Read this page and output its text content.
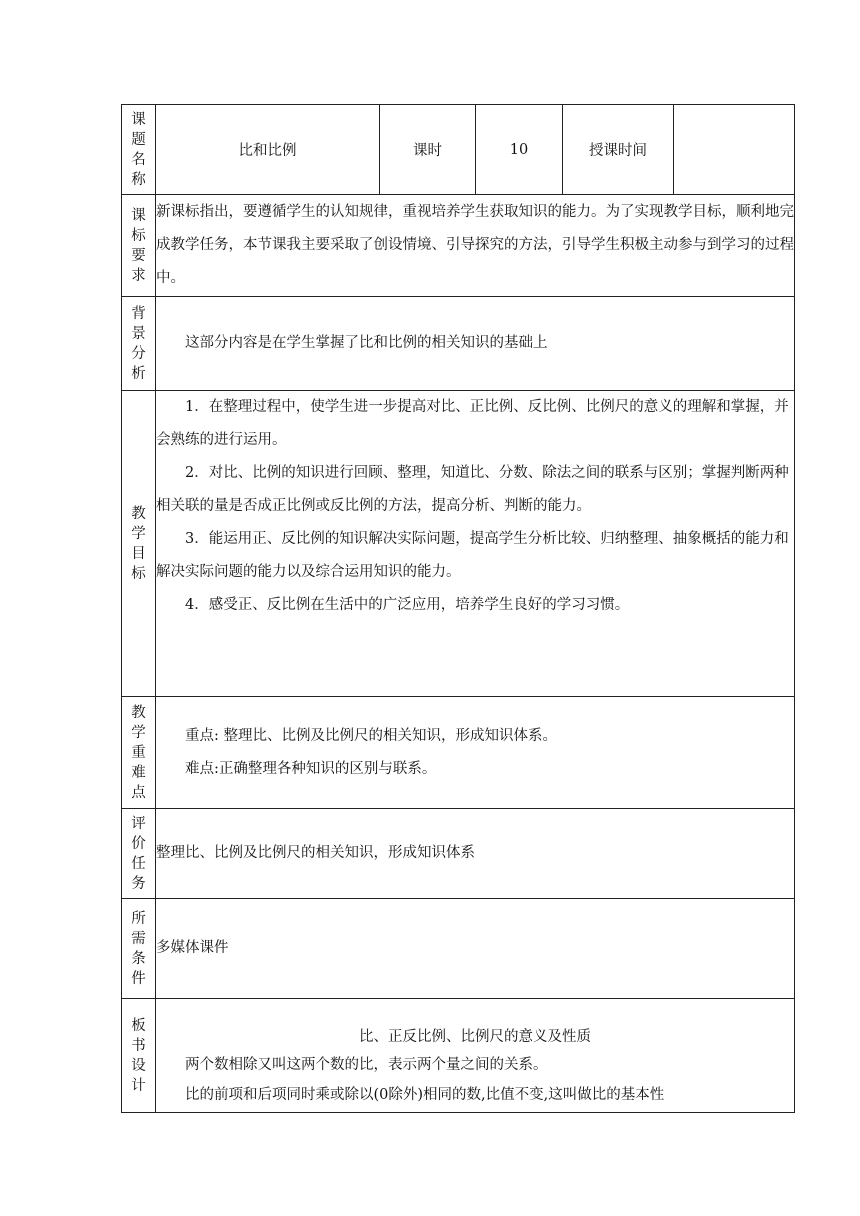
课题名称	比和比例	课时	10	授课时间	

课标要求	新课标指出，要遵循学生的认知规律，重视培养学生获取知识的能力。为了实现教学目标，顺利地完成教学任务，本节课我主要采取了创设情境、引导探究的方法，引导学生积极主动参与到学习的过程中。				

背景分析	这部分内容是在学生掌握了比和比例的相关知识的基础上				

教学目标	1．在整理过程中，使学生进一步提高对比、正比例、反比例、比例尺的意义的理解和掌握，并会熟练的进行运用。

2．对比、比例的知识进行回顾、整理，知道比、分数、除法之间的联系与区别；掌握判断两种相关联的量是否成正比例或反比例的方法，提高分析、判断的能力。

3．能运用正、反比例的知识解决实际问题，提高学生分析比较、归纳整理、抽象概括的能力和解决实际问题的能力以及综合运用知识的能力。

4．感受正、反比例在生活中的广泛应用，培养学生良好的学习习惯。				

教学重难点	重点: 整理比、比例及比例尺的相关知识，形成知识体系。

难点:正确整理各种知识的区别与联系。				

评价任务	整理比、比例及比例尺的相关知识，形成知识体系				

所需条件	多媒体课件				

板书设计	比、正反比例、比例尺的意义及性质

两个数相除又叫这两个数的比，表示两个量之间的关系。

比的前项和后项同时乘或除以(0除外)相同的数,比值不变,这叫做比的基本性				
